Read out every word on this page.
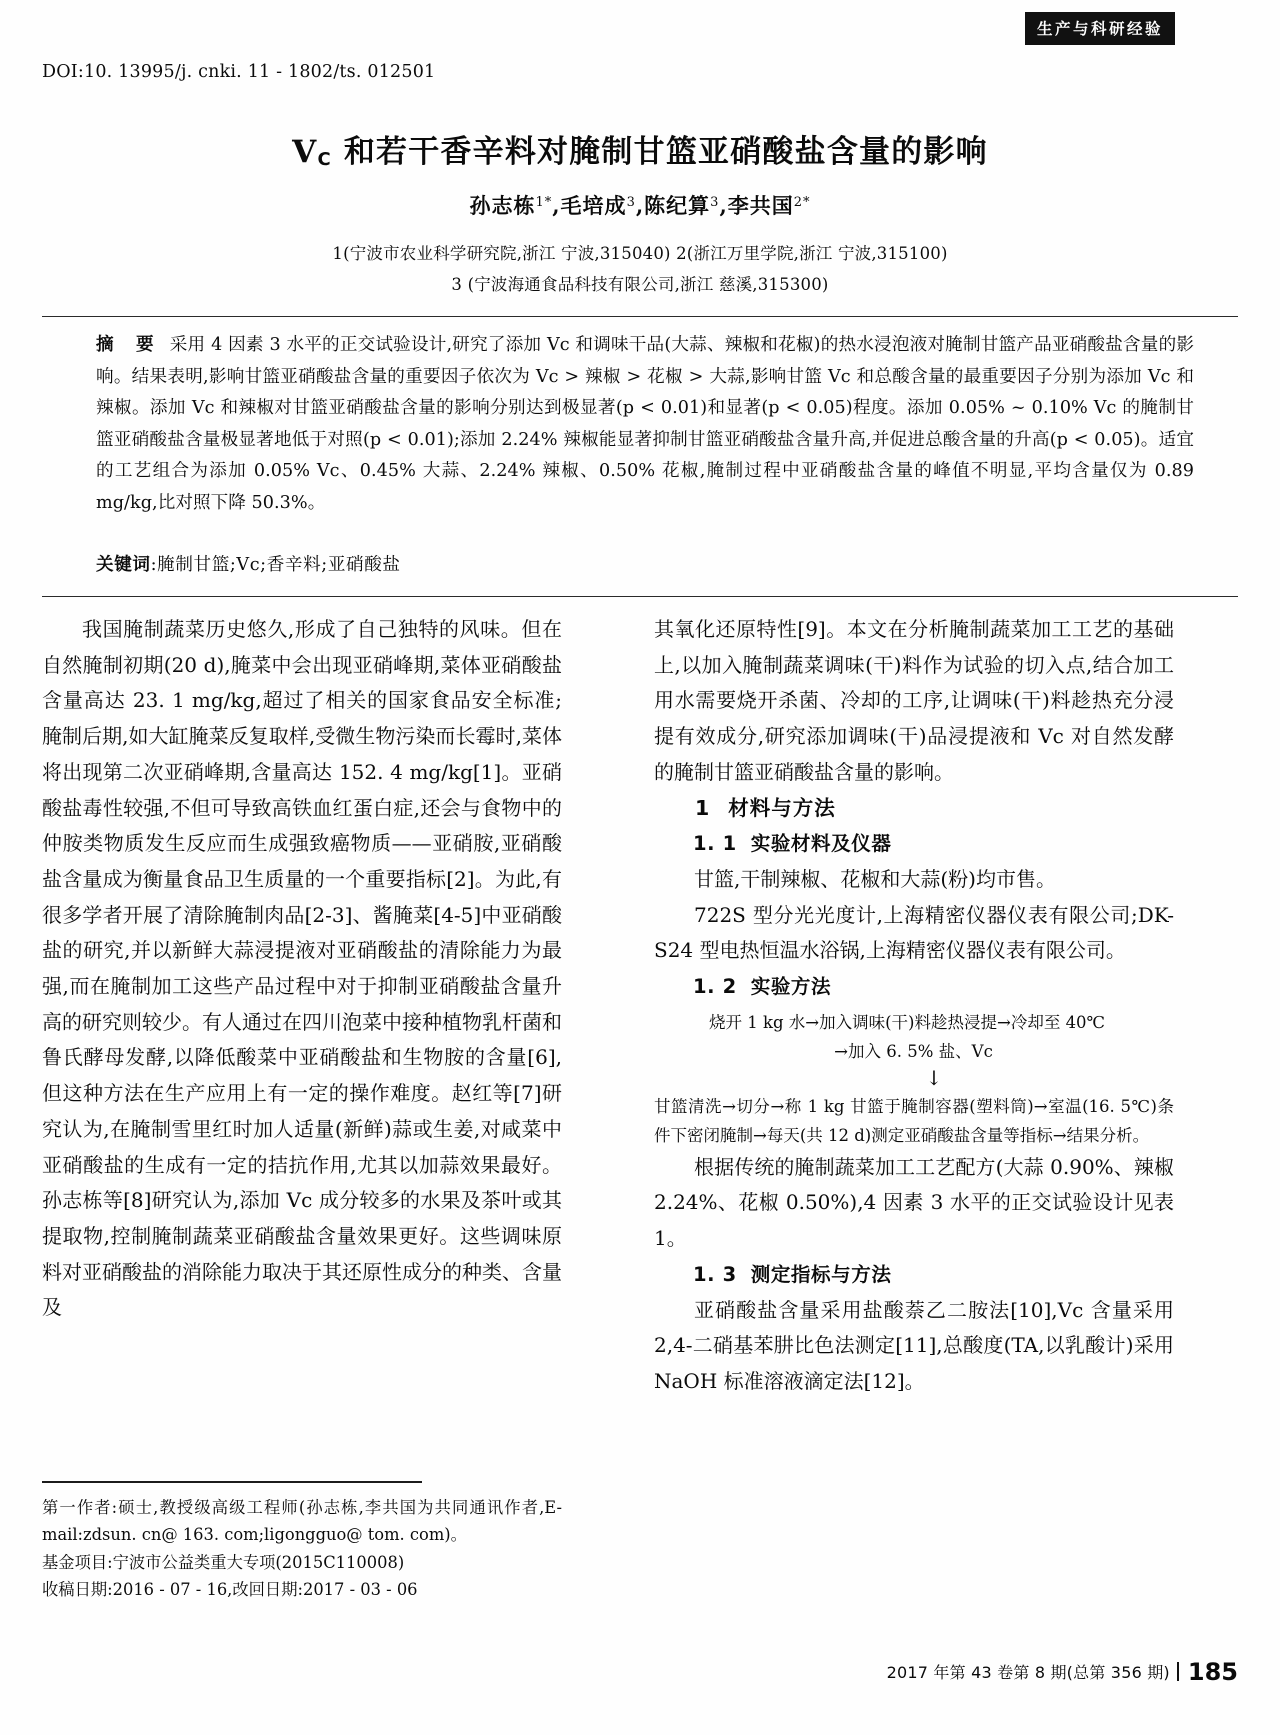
生产与科研经验
DOI:10. 13995/j. cnki. 11 - 1802/ts. 012501
$V_C$ 和若干香辛料对腌制甘篮亚硝酸盐含量的影响
孙志栋$^{1*}$,毛培成$^3$,陈纪算$^3$,李共国$^{2*}$
1(宁波市农业科学研究院,浙江 宁波,315040) 2(浙江万里学院,浙江 宁波,315100)
3 (宁波海通食品科技有限公司,浙江 慈溪,315300)
摘 要 采用 4 因素 3 水平的正交试验设计,研究了添加 Vc 和调味干品(大蒜、辣椒和花椒)的热水浸泡液对腌制甘篮产品亚硝酸盐含量的影响。结果表明,影响甘篮亚硝酸盐含量的重要因子依次为 Vc > 辣椒 > 花椒 > 大蒜,影响甘篮 Vc 和总酸含量的最重要因子分别为添加 Vc 和辣椒。添加 Vc 和辣椒对甘篮亚硝酸盐含量的影响分别达到极显著(p < 0.01)和显著(p < 0.05)程度。添加 0.05% ~ 0.10% Vc 的腌制甘篮亚硝酸盐含量极显著地低于对照(p < 0.01);添加 2.24% 辣椒能显著抑制甘篮亚硝酸盐含量升高,并促进总酸含量的升高(p < 0.05)。适宜的工艺组合为添加 0.05% Vc、0.45% 大蒜、2.24% 辣椒、0.50% 花椒,腌制过程中亚硝酸盐含量的峰值不明显,平均含量仅为 0.89 mg/kg,比对照下降 50.3%。
关键词:腌制甘篮;Vc;香辛料;亚硝酸盐

我国腌制蔬菜历史悠久,形成了自己独特的风味。但在自然腌制初期(20 d),腌菜中会出现亚硝峰期,菜体亚硝酸盐含量高达 23. 1 mg/kg,超过了相关的国家食品安全标准;腌制后期,如大缸腌菜反复取样,受微生物污染而长霉时,菜体将出现第二次亚硝峰期,含量高达 152. 4 mg/kg[1]。亚硝酸盐毒性较强,不但可导致高铁血红蛋白症,还会与食物中的仲胺类物质发生反应而生成强致癌物质——亚硝胺,亚硝酸盐含量成为衡量食品卫生质量的一个重要指标[2]。为此,有很多学者开展了清除腌制肉品[2-3]、酱腌菜[4-5]中亚硝酸盐的研究,并以新鲜大蒜浸提液对亚硝酸盐的清除能力为最强,而在腌制加工这些产品过程中对于抑制亚硝酸盐含量升高的研究则较少。有人通过在四川泡菜中接种植物乳杆菌和鲁氏酵母发酵,以降低酸菜中亚硝酸盐和生物胺的含量[6],但这种方法在生产应用上有一定的操作难度。赵红等[7]研究认为,在腌制雪里红时加人适量(新鲜)蒜或生姜,对咸菜中亚硝酸盐的生成有一定的拮抗作用,尤其以加蒜效果最好。孙志栋等[8]研究认为,添加 Vc 成分较多的水果及茶叶或其提取物,控制腌制蔬菜亚硝酸盐含量效果更好。这些调味原料对亚硝酸盐的消除能力取决于其还原性成分的种类、含量及

其氧化还原特性[9]。本文在分析腌制蔬菜加工工艺的基础上,以加入腌制蔬菜调味(干)料作为试验的切入点,结合加工用水需要烧开杀菌、冷却的工序,让调味(干)料趁热充分浸提有效成分,研究添加调味(干)品浸提液和 Vc 对自然发酵的腌制甘篮亚硝酸盐含量的影响。

1 材料与方法

1. 1 实验材料及仪器

甘篮,干制辣椒、花椒和大蒜(粉)均市售。

722S 型分光光度计,上海精密仪器仪表有限公司;DK-S24 型电热恒温水浴锅,上海精密仪器仪表有限公司。

1. 2 实验方法

烧开 1 kg 水→加入调味(干)料趁热浸提→冷却至 40℃

→加入 6. 5% 盐、Vc

↓

甘篮清洗→切分→称 1 kg 甘篮于腌制容器(塑料筒)→室温(16. 5℃)条件下密闭腌制→每天(共 12 d)测定亚硝酸盐含量等指标→结果分析。

根据传统的腌制蔬菜加工工艺配方(大蒜 0.90%、辣椒 2.24%、花椒 0.50%),4 因素 3 水平的正交试验设计见表 1。

1. 3 测定指标与方法

亚硝酸盐含量采用盐酸萘乙二胺法[10],Vc 含量采用 2,4-二硝基苯肼比色法测定[11],总酸度(TA,以乳酸计)采用 NaOH 标准溶液滴定法[12]。

第一作者:硕士,教授级高级工程师(孙志栋,李共国为共同通讯作者,E-mail:zdsun. cn@ 163. com;ligongguo@ tom. com)。

基金项目:宁波市公益类重大专项(2015C110008)

收稿日期:2016 - 07 - 16,改回日期:2017 - 03 - 06

2017 年第 43 卷第 8 期(总第 356 期) 185
